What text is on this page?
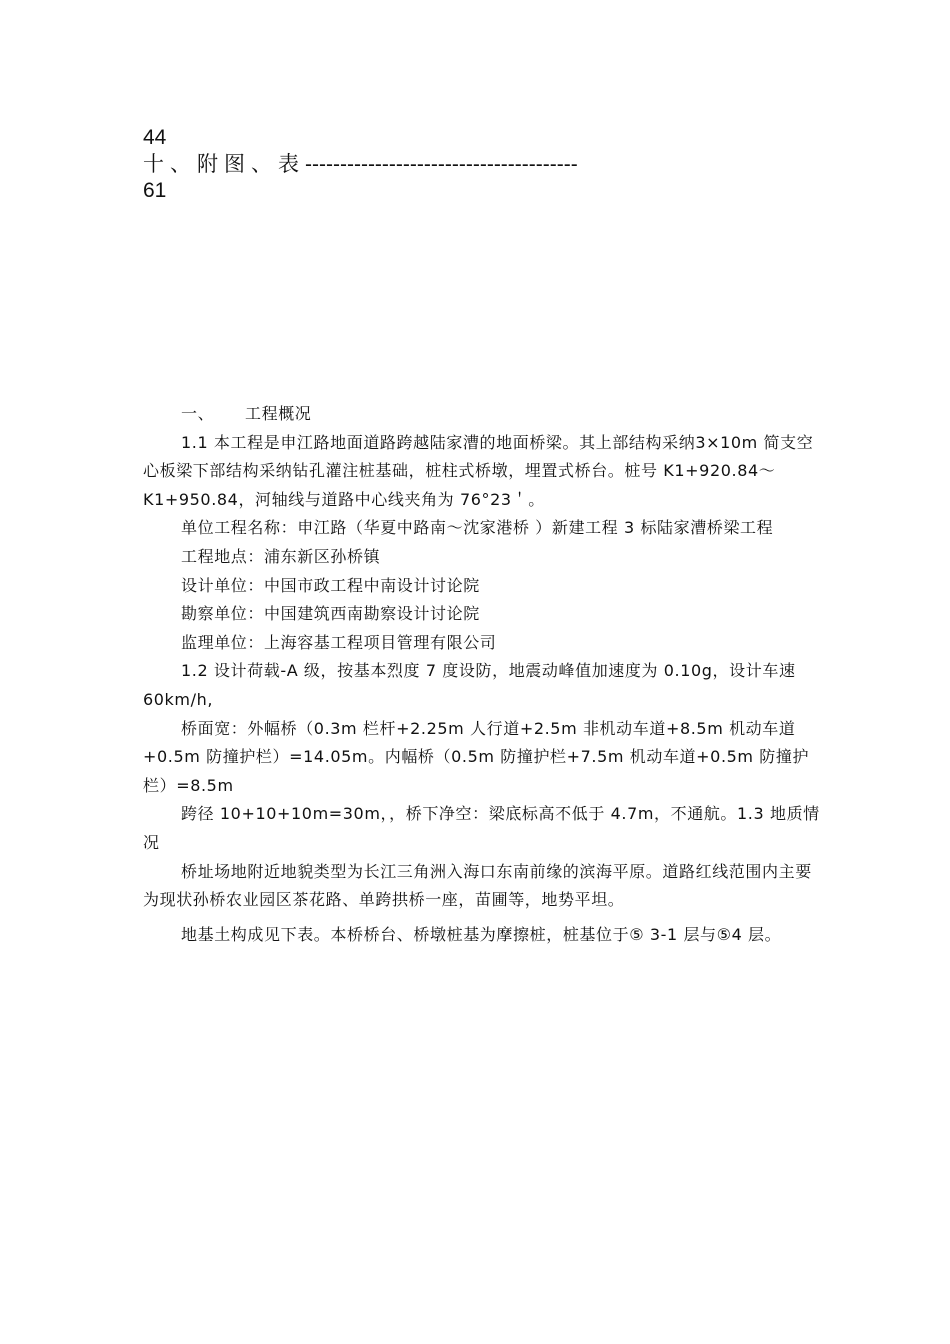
44
十、附图、表---------------------------------------
61

一、 工程概况

1.1 本工程是申江路地面道路跨越陆家漕的地面桥梁。其上部结构采纳3×10m 简支空心板梁下部结构采纳钻孔灌注桩基础，桩柱式桥墩，埋置式桥台。桩号 K1+920.84～K1+950.84，河轴线与道路中心线夹角为 76°23＇。

单位工程名称：申江路（华夏中路南～沈家港桥 ）新建工程 3 标陆家漕桥梁工程

工程地点：浦东新区孙桥镇

设计单位：中国市政工程中南设计讨论院

勘察单位：中国建筑西南勘察设计讨论院

监理单位：上海容基工程项目管理有限公司

1.2 设计荷载-A 级，按基本烈度 7 度设防，地震动峰值加速度为 0.10g，设计车速 60km/h,

桥面宽：外幅桥（0.3m 栏杆+2.25m 人行道+2.5m 非机动车道+8.5m 机动车道+0.5m 防撞护栏）=14.05m。内幅桥（0.5m 防撞护栏+7.5m 机动车道+0.5m 防撞护栏）=8.5m

跨径 10+10+10m=30m，，桥下净空：梁底标高不低于 4.7m，不通航。1.3 地质情况

桥址场地附近地貌类型为长江三角洲入海口东南前缘的滨海平原。道路红线范围内主要为现状孙桥农业园区茶花路、单跨拱桥一座，苗圃等，地势平坦。

地基土构成见下表。本桥桥台、桥墩桩基为摩擦桩，桩基位于⑤ 3-1 层与⑤4 层。
